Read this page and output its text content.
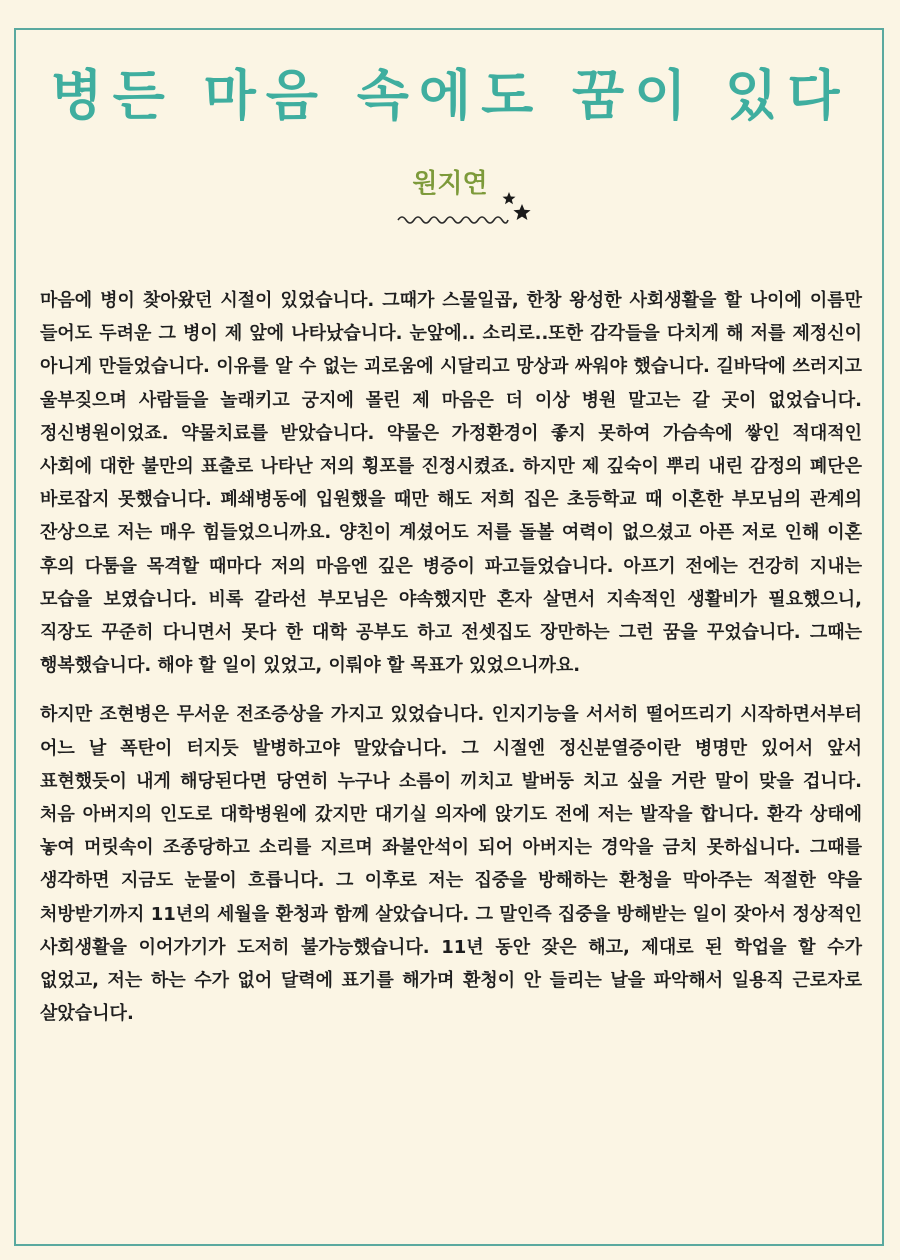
병든 마음 속에도 꿈이 있다
원지연

마음에 병이 찾아왔던 시절이 있었습니다. 그때가 스물일곱, 한창 왕성한 사회생활을 할 나이에 이름만 들어도 두려운 그 병이 제 앞에 나타났습니다. 눈앞에.. 소리로..또한 감각들을 다치게 해 저를 제정신이 아니게 만들었습니다. 이유를 알 수 없는 괴로움에 시달리고 망상과 싸워야 했습니다. 길바닥에 쓰러지고 울부짖으며 사람들을 놀래키고 궁지에 몰린 제 마음은 더 이상 병원 말고는 갈 곳이 없었습니다. 정신병원이었죠. 약물치료를 받았습니다. 약물은 가정환경이 좋지 못하여 가슴속에 쌓인 적대적인 사회에 대한 불만의 표출로 나타난 저의 횡포를 진정시켰죠. 하지만 제 깊숙이 뿌리 내린 감정의 폐단은 바로잡지 못했습니다. 폐쇄병동에 입원했을 때만 해도 저희 집은 초등학교 때 이혼한 부모님의 관계의 잔상으로 저는 매우 힘들었으니까요. 양친이 계셨어도 저를 돌볼 여력이 없으셨고 아픈 저로 인해 이혼 후의 다툼을 목격할 때마다 저의 마음엔 깊은 병증이 파고들었습니다. 아프기 전에는 건강히 지내는 모습을 보였습니다. 비록 갈라선 부모님은 야속했지만 혼자 살면서 지속적인 생활비가 필요했으니, 직장도 꾸준히 다니면서 못다 한 대학 공부도 하고 전셋집도 장만하는 그런 꿈을 꾸었습니다. 그때는 행복했습니다. 해야 할 일이 있었고, 이뤄야 할 목표가 있었으니까요.

하지만 조현병은 무서운 전조증상을 가지고 있었습니다. 인지기능을 서서히 떨어뜨리기 시작하면서부터 어느 날 폭탄이 터지듯 발병하고야 말았습니다. 그 시절엔 정신분열증이란 병명만 있어서 앞서 표현했듯이 내게 해당된다면 당연히 누구나 소름이 끼치고 발버둥 치고 싶을 거란 말이 맞을 겁니다. 처음 아버지의 인도로 대학병원에 갔지만 대기실 의자에 앉기도 전에 저는 발작을 합니다. 환각 상태에 놓여 머릿속이 조종당하고 소리를 지르며 좌불안석이 되어 아버지는 경악을 금치 못하십니다. 그때를 생각하면 지금도 눈물이 흐릅니다. 그 이후로 저는 집중을 방해하는 환청을 막아주는 적절한 약을 처방받기까지 11년의 세월을 환청과 함께 살았습니다. 그 말인즉 집중을 방해받는 일이 잦아서 정상적인 사회생활을 이어가기가 도저히 불가능했습니다. 11년 동안 잦은 해고, 제대로 된 학업을 할 수가 없었고, 저는 하는 수가 없어 달력에 표기를 해가며 환청이 안 들리는 날을 파악해서 일용직 근로자로 살았습니다.
